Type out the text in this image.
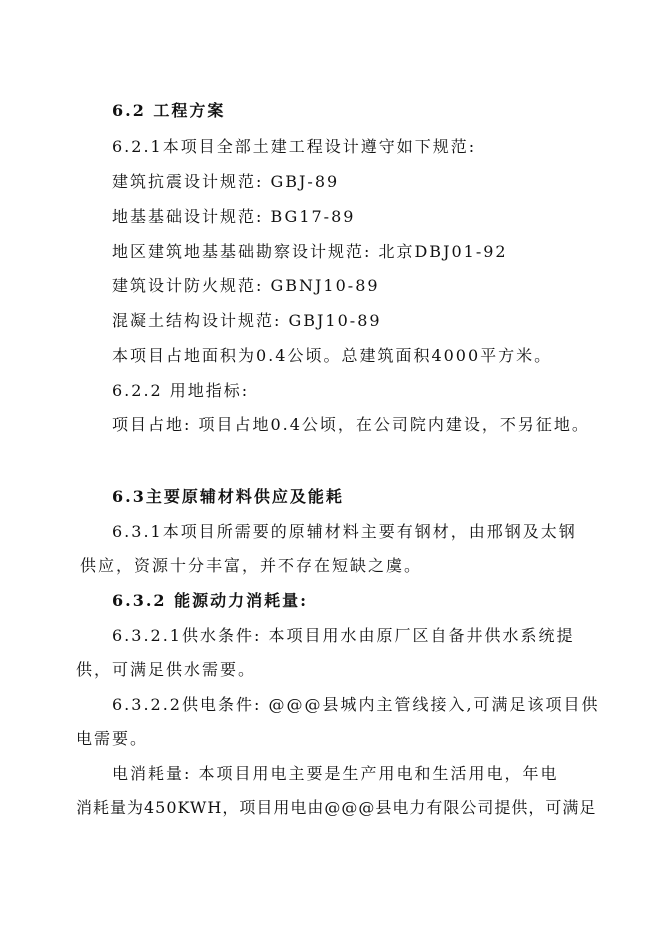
6.2 工程方案
6.2.1本项目全部土建工程设计遵守如下规范:
建筑抗震设计规范: GBJ-89
地基基础设计规范: BG17-89
地区建筑地基基础勘察设计规范: 北京DBJ01-92
建筑设计防火规范: GBNJ10-89
混凝土结构设计规范: GBJ10-89
本项目占地面积为0.4公顷。总建筑面积4000平方米。
6.2.2 用地指标:
项目占地: 项目占地0.4公顷，在公司院内建设，不另征地。
6.3主要原辅材料供应及能耗
6.3.1本项目所需要的原辅材料主要有钢材，由邢钢及太钢
供应，资源十分丰富，并不存在短缺之虞。
6.3.2 能源动力消耗量:
6.3.2.1供水条件: 本项目用水由原厂区自备井供水系统提
供，可满足供水需要。
6.3.2.2供电条件: @@@县城内主管线接入,可满足该项目供
电需要。
电消耗量: 本项目用电主要是生产用电和生活用电，年电
消耗量为450KWH，项目用电由@@@县电力有限公司提供，可满足
